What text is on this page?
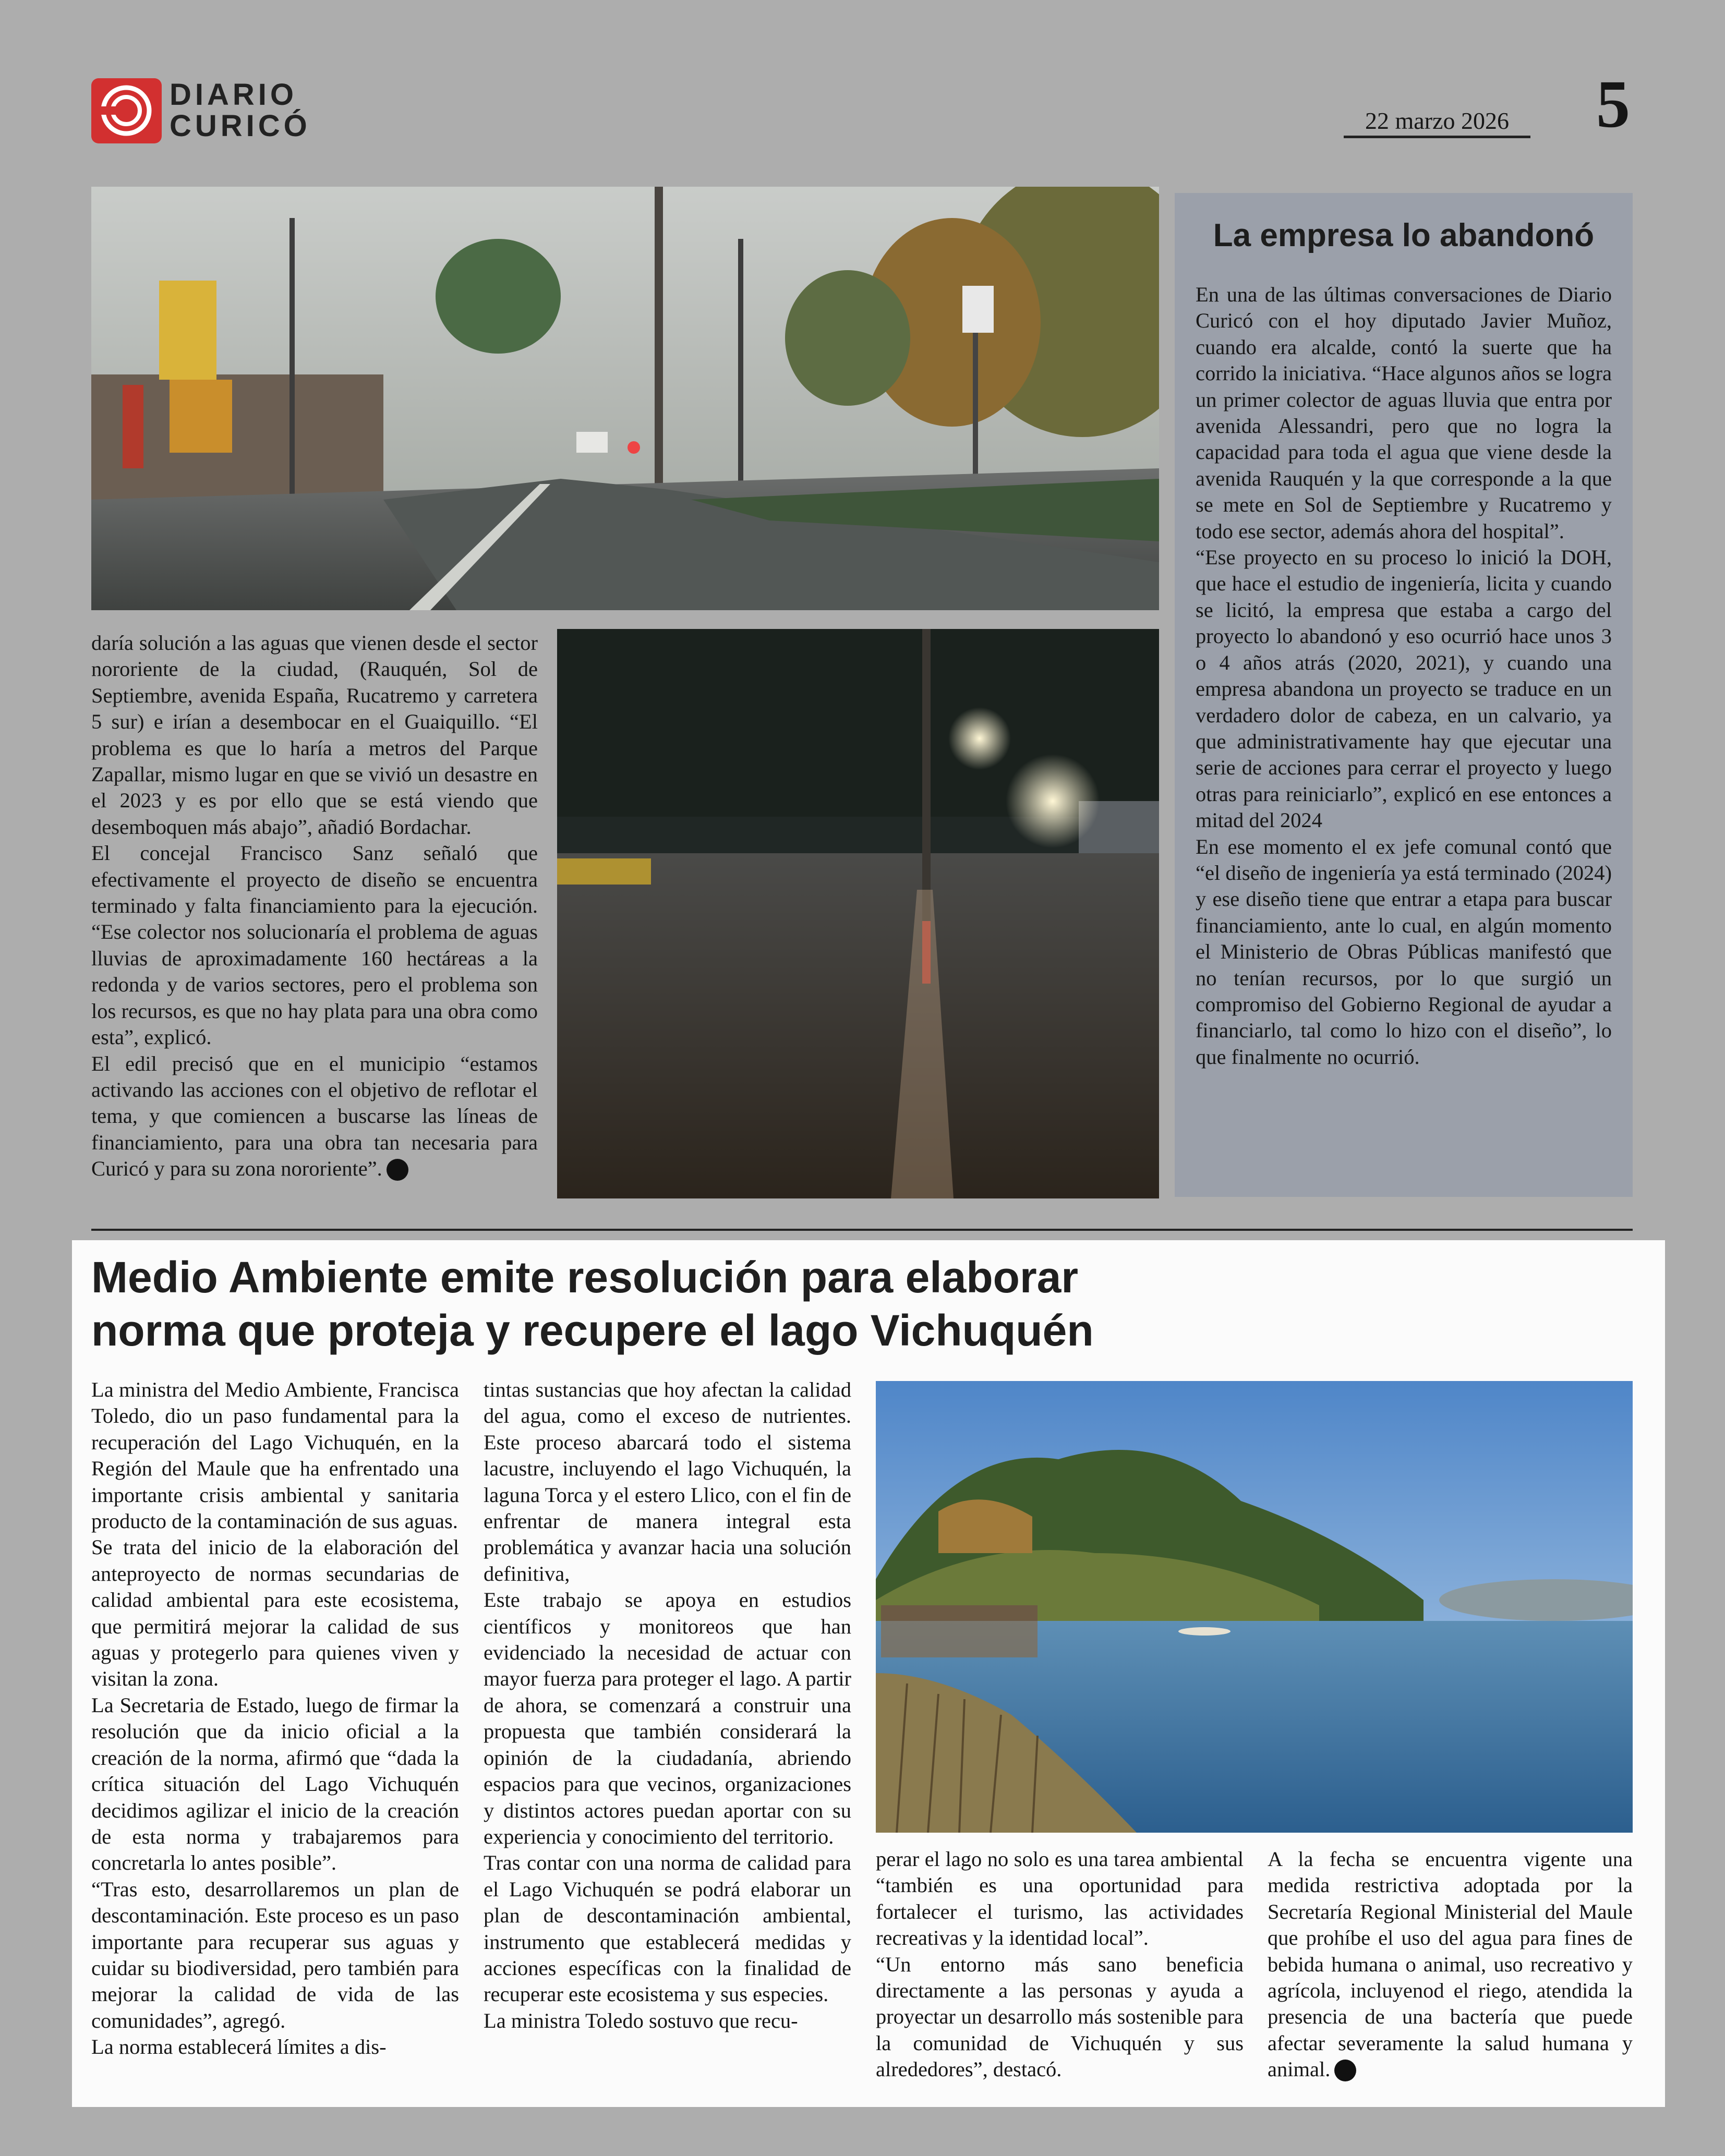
DIARIO
CURICÓ	22 marzo 2026	5

daría solución a las aguas que vienen desde el sector nororiente de la ciudad, (Rauquén, Sol de Septiembre, avenida España, Rucatremo y carretera 5 sur) e irían a desembocar en el Guaiquillo. “El problema es que lo haría a metros del Parque Zapallar, mismo lugar en que se vivió un desastre en el 2023 y es por ello que se está viendo que desemboquen más abajo”, añadió Bordachar.

El concejal Francisco Sanz señaló que efectivamente el proyecto de diseño se encuentra terminado y falta financiamiento para la ejecución. “Ese colector nos solucionaría el problema de aguas lluvias de aproximadamente 160 hectáreas a la redonda y de varios sectores, pero el problema son los recursos, es que no hay plata para una obra como esta”, explicó.

El edil precisó que en el municipio “estamos activando las acciones con el objetivo de reflotar el tema, y que comiencen a buscarse las líneas de financiamiento, para una obra tan necesaria para Curicó y para su zona nororiente”.

La empresa lo abandonó

En una de las últimas conversaciones de Diario Curicó con el hoy diputado Javier Muñoz, cuando era alcalde, contó la suerte que ha corrido la iniciativa. “Hace algunos años se logra un primer colector de aguas lluvia que entra por avenida Alessandri, pero que no logra la capacidad para toda el agua que viene desde la avenida Rauquén y la que corresponde a la que se mete en Sol de Septiembre y Rucatremo y todo ese sector, además ahora del hospital”.

“Ese proyecto en su proceso lo inició la DOH, que hace el estudio de ingeniería, licita y cuando se licitó, la empresa que estaba a cargo del proyecto lo abandonó y eso ocurrió hace unos 3 o 4 años atrás (2020, 2021), y cuando una empresa abandona un proyecto se traduce en un verdadero dolor de cabeza, en un calvario, ya que administrativamente hay que ejecutar una serie de acciones para cerrar el proyecto y luego otras para reiniciarlo”, explicó en ese entonces a mitad del 2024

En ese momento el ex jefe comunal contó que “el diseño de ingeniería ya está terminado (2024) y ese diseño tiene que entrar a etapa para buscar financiamiento, ante lo cual, en algún momento el Ministerio de Obras Públicas manifestó que no tenían recursos, por lo que surgió un compromiso del Gobierno Regional de ayudar a financiarlo, tal como lo hizo con el diseño”, lo que finalmente no ocurrió.

Medio Ambiente emite resolución para elaborar
norma que proteja y recupere el lago Vichuquén

La ministra del Medio Ambiente, Francisca Toledo, dio un paso fundamental para la recuperación del Lago Vichuquén, en la Región del Maule que ha enfrentado una importante crisis ambiental y sanitaria producto de la contaminación de sus aguas.

Se trata del inicio de la elaboración del anteproyecto de normas secundarias de calidad ambiental para este ecosistema, que permitirá mejorar la calidad de sus aguas y protegerlo para quienes viven y visitan la zona.

La Secretaria de Estado, luego de firmar la resolución que da inicio oficial a la creación de la norma, afirmó que “dada la crítica situación del Lago Vichuquén decidimos agilizar el inicio de la creación de esta norma y trabajaremos para concretarla lo antes posible”.

“Tras esto, desarrollaremos un plan de descontaminación. Este proceso es un paso importante para recuperar sus aguas y cuidar su biodiversidad, pero también para mejorar la calidad de vida de las comunidades”, agregó.

La norma establecerá límites a dis-

tintas sustancias que hoy afectan la calidad del agua, como el exceso de nutrientes. Este proceso abarcará todo el sistema lacustre, incluyendo el lago Vichuquén, la laguna Torca y el estero Llico, con el fin de enfrentar de manera integral esta problemática y avanzar hacia una solución definitiva,

Este trabajo se apoya en estudios científicos y monitoreos que han evidenciado la necesidad de actuar con mayor fuerza para proteger el lago. A partir de ahora, se comenzará a construir una propuesta que también considerará la opinión de la ciudadanía, abriendo espacios para que vecinos, organizaciones y distintos actores puedan aportar con su experiencia y conocimiento del territorio.

Tras contar con una norma de calidad para el Lago Vichuquén se podrá elaborar un plan de descontaminación ambiental, instrumento que establecerá medidas y acciones específicas con la finalidad de recuperar este ecosistema y sus especies.

La ministra Toledo sostuvo que recu-

perar el lago no solo es una tarea ambiental “también es una oportunidad para fortalecer el turismo, las actividades recreativas y la identidad local”.

“Un entorno más sano beneficia directamente a las personas y ayuda a proyectar un desarrollo más sostenible para la comunidad de Vichuquén y sus alrededores”, destacó.

A la fecha se encuentra vigente una medida restrictiva adoptada por la Secretaría Regional Ministerial del Maule que prohíbe el uso del agua para fines de bebida humana o animal, uso recreativo y agrícola, incluyenod el riego, atendida la presencia de una bactería que puede afectar severamente la salud humana y animal.
